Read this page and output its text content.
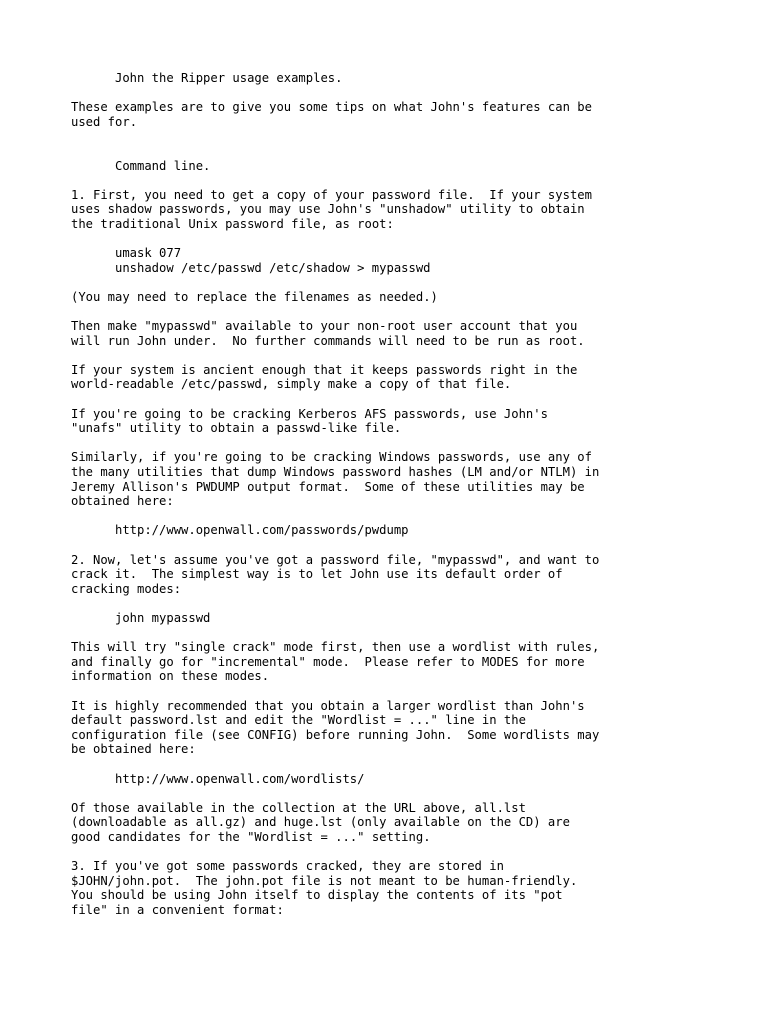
John the Ripper usage examples.

These examples are to give you some tips on what John's features can be
used for.

Command line.

1. First, you need to get a copy of your password file.  If your system
uses shadow passwords, you may use John's "unshadow" utility to obtain
the traditional Unix password file, as root:

umask 077
unshadow /etc/passwd /etc/shadow > mypasswd

(You may need to replace the filenames as needed.)

Then make "mypasswd" available to your non-root user account that you
will run John under.  No further commands will need to be run as root.

If your system is ancient enough that it keeps passwords right in the
world-readable /etc/passwd, simply make a copy of that file.

If you're going to be cracking Kerberos AFS passwords, use John's
"unafs" utility to obtain a passwd-like file.

Similarly, if you're going to be cracking Windows passwords, use any of
the many utilities that dump Windows password hashes (LM and/or NTLM) in
Jeremy Allison's PWDUMP output format.  Some of these utilities may be
obtained here:

http://www.openwall.com/passwords/pwdump

2. Now, let's assume you've got a password file, "mypasswd", and want to
crack it.  The simplest way is to let John use its default order of
cracking modes:

john mypasswd

This will try "single crack" mode first, then use a wordlist with rules,
and finally go for "incremental" mode.  Please refer to MODES for more
information on these modes.

It is highly recommended that you obtain a larger wordlist than John's
default password.lst and edit the "Wordlist = ..." line in the
configuration file (see CONFIG) before running John.  Some wordlists may
be obtained here:

http://www.openwall.com/wordlists/

Of those available in the collection at the URL above, all.lst
(downloadable as all.gz) and huge.lst (only available on the CD) are
good candidates for the "Wordlist = ..." setting.

3. If you've got some passwords cracked, they are stored in
$JOHN/john.pot.  The john.pot file is not meant to be human-friendly.
You should be using John itself to display the contents of its "pot
file" in a convenient format:
